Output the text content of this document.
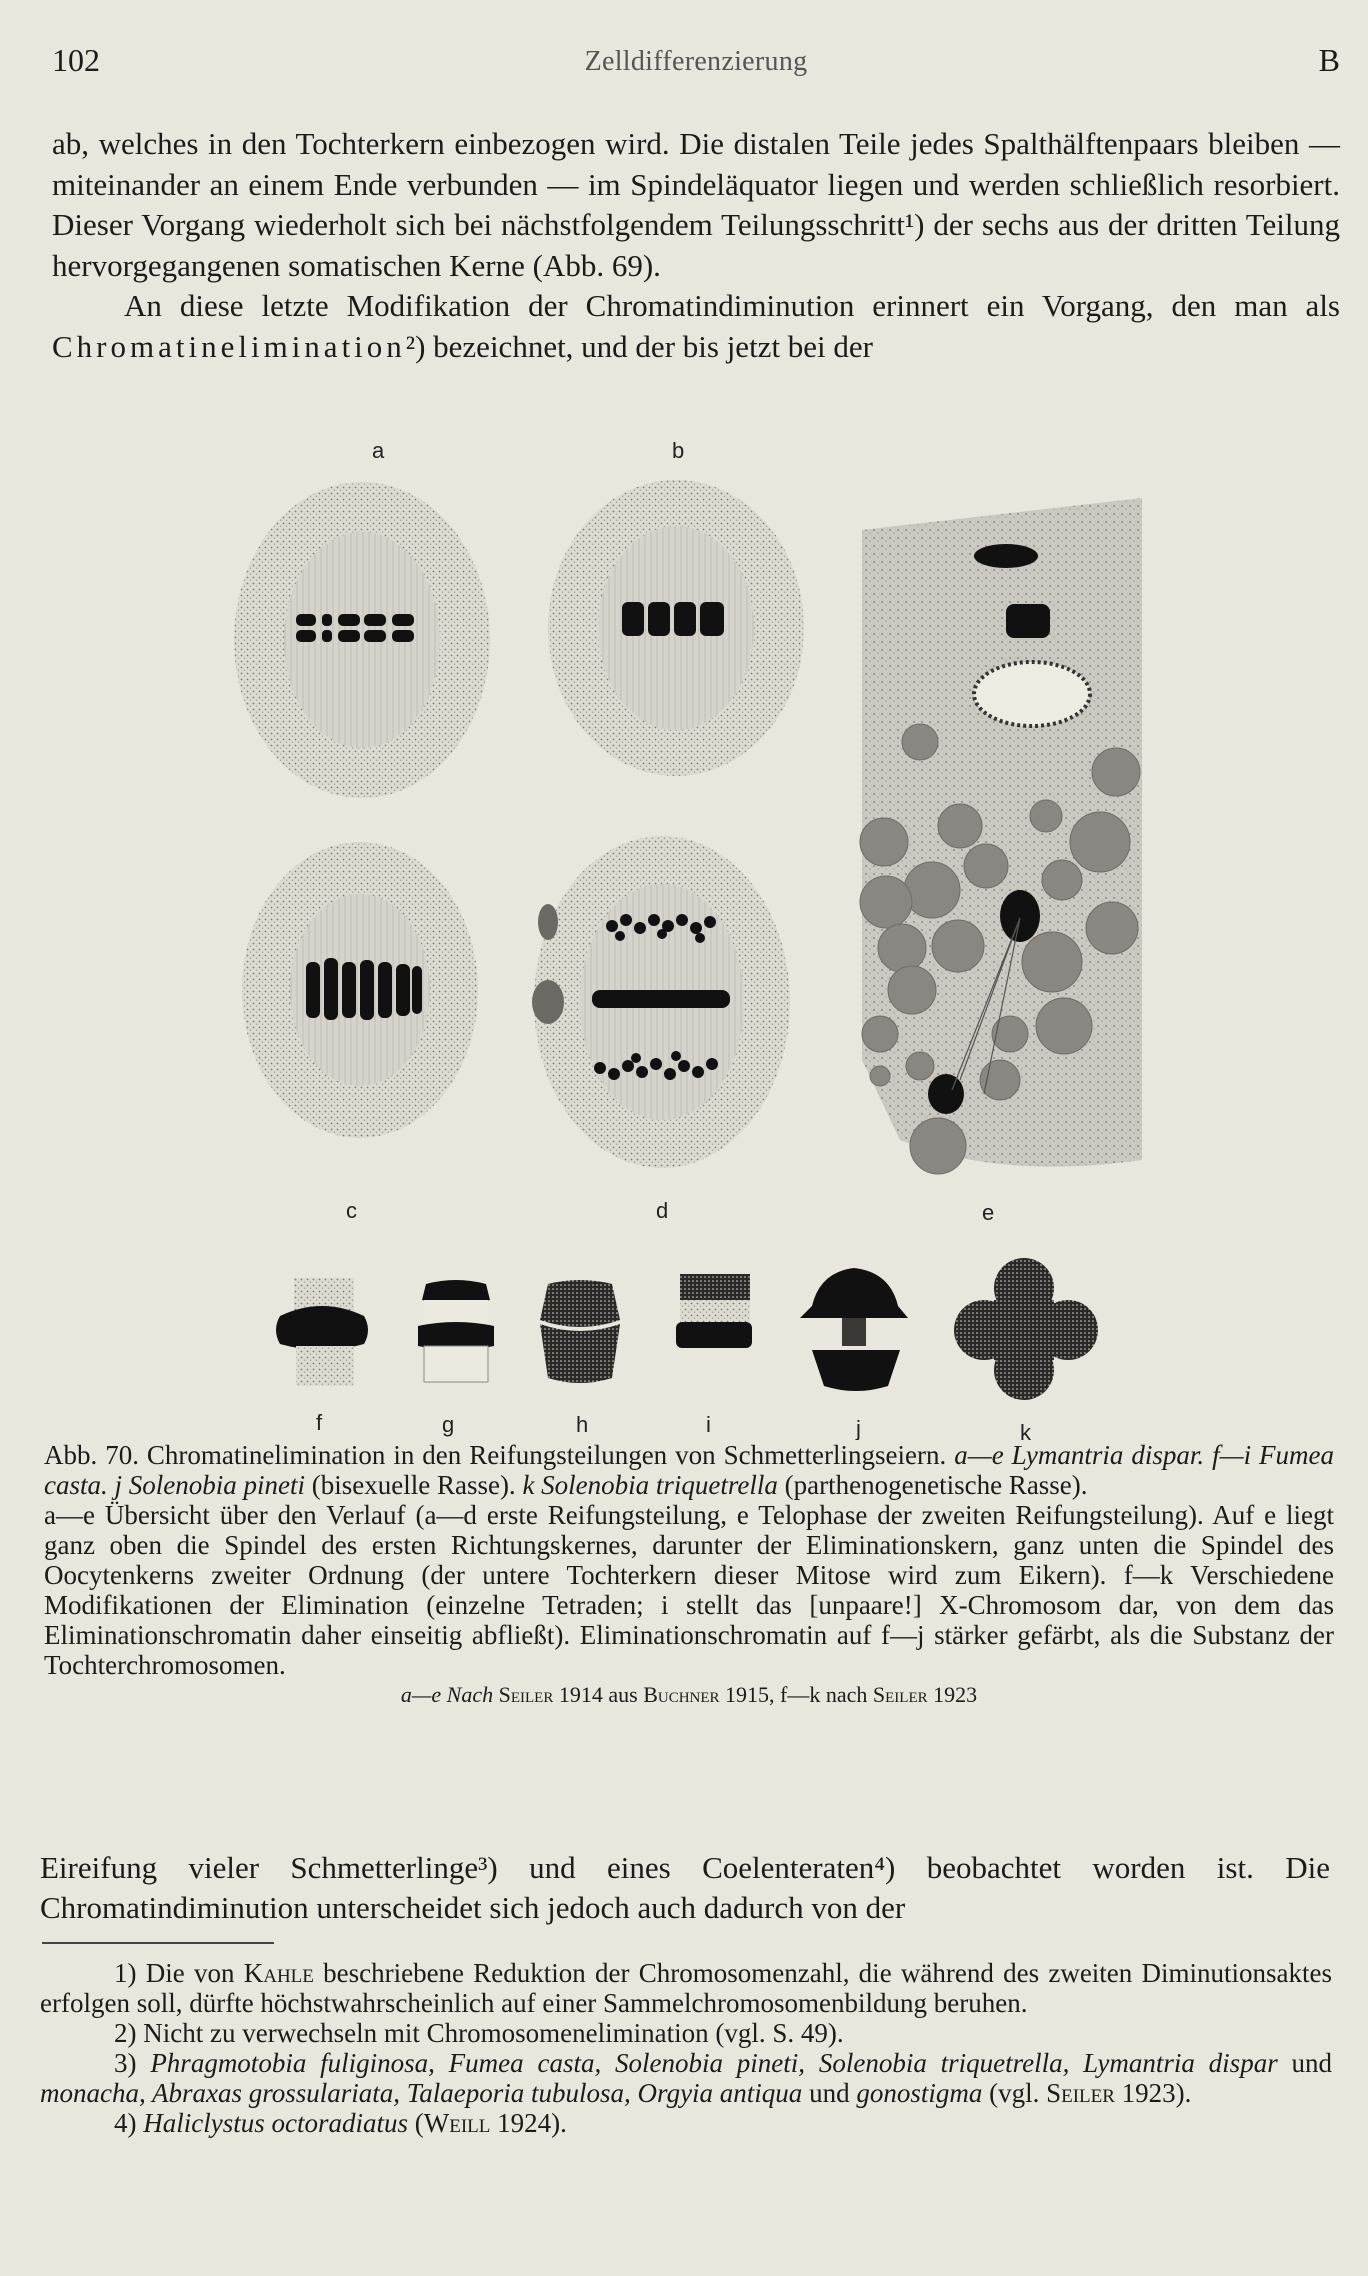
102	Zelldifferenzierung	B

ab, welches in den Tochterkern einbezogen wird. Die distalen Teile jedes Spalthälftenpaars bleiben — miteinander an einem Ende verbunden — im Spindeläquator liegen und werden schließlich resorbiert. Dieser Vorgang wiederholt sich bei nächstfolgendem Teilungsschritt¹) der sechs aus der dritten Teilung hervorgegangenen somatischen Kerne (Abb. 69).

An diese letzte Modifikation der Chromatindiminution erinnert ein Vorgang, den man als Chromatinelimination²) bezeichnet, und der bis jetzt bei der

a	b
c	d	e
f	g	h	i	j	k

Abb. 70. Chromatinelimination in den Reifungsteilungen von Schmetterlingseiern. a—e Lymantria dispar. f—i Fumea casta. j Solenobia pineti (bisexuelle Rasse). k Solenobia triquetrella (parthenogenetische Rasse).

a—e Übersicht über den Verlauf (a—d erste Reifungsteilung, e Telophase der zweiten Reifungsteilung). Auf e liegt ganz oben die Spindel des ersten Richtungskernes, darunter der Eliminationskern, ganz unten die Spindel des Oocytenkerns zweiter Ordnung (der untere Tochterkern dieser Mitose wird zum Eikern). f—k Verschiedene Modifikationen der Elimination (einzelne Tetraden; i stellt das [unpaare!] X-Chromosom dar, von dem das Eliminationschromatin daher einseitig abfließt). Eliminationschromatin auf f—j stärker gefärbt, als die Substanz der Tochterchromosomen.

a—e Nach Seiler 1914 aus Buchner 1915, f—k nach Seiler 1923

Eireifung vieler Schmetterlinge³) und eines Coelenteraten⁴) beobachtet worden ist. Die Chromatindiminution unterscheidet sich jedoch auch dadurch von der

1) Die von Kahle beschriebene Reduktion der Chromosomenzahl, die während des zweiten Diminutionsaktes erfolgen soll, dürfte höchstwahrscheinlich auf einer Sammelchromosomenbildung beruhen.

2) Nicht zu verwechseln mit Chromosomenelimination (vgl. S. 49).

3) Phragmotobia fuliginosa, Fumea casta, Solenobia pineti, Solenobia triquetrella, Lymantria dispar und monacha, Abraxas grossulariata, Talaeporia tubulosa, Orgyia antiqua und gonostigma (vgl. Seiler 1923).

4) Haliclystus octoradiatus (Weill 1924).
